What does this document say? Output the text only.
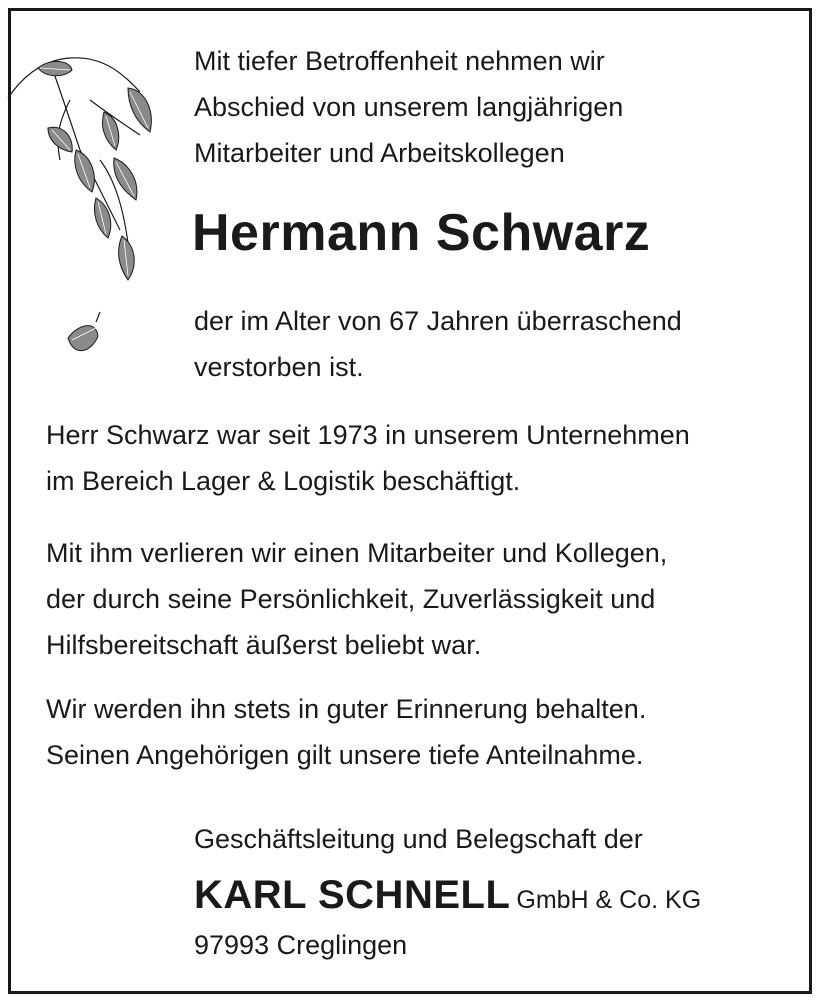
Mit tiefer Betroffenheit nehmen wir
Abschied von unserem langjährigen
Mitarbeiter und Arbeitskollegen
Hermann Schwarz
der im Alter von 67 Jahren überraschend
verstorben ist.
Herr Schwarz war seit 1973 in unserem Unternehmen
im Bereich Lager & Logistik beschäftigt.
Mit ihm verlieren wir einen Mitarbeiter und Kollegen,
der durch seine Persönlichkeit, Zuverlässigkeit und
Hilfsbereitschaft äußerst beliebt war.
Wir werden ihn stets in guter Erinnerung behalten.
Seinen Angehörigen gilt unsere tiefe Anteilnahme.
Geschäftsleitung und Belegschaft der
KARL SCHNELL GmbH & Co. KG
97993 Creglingen
